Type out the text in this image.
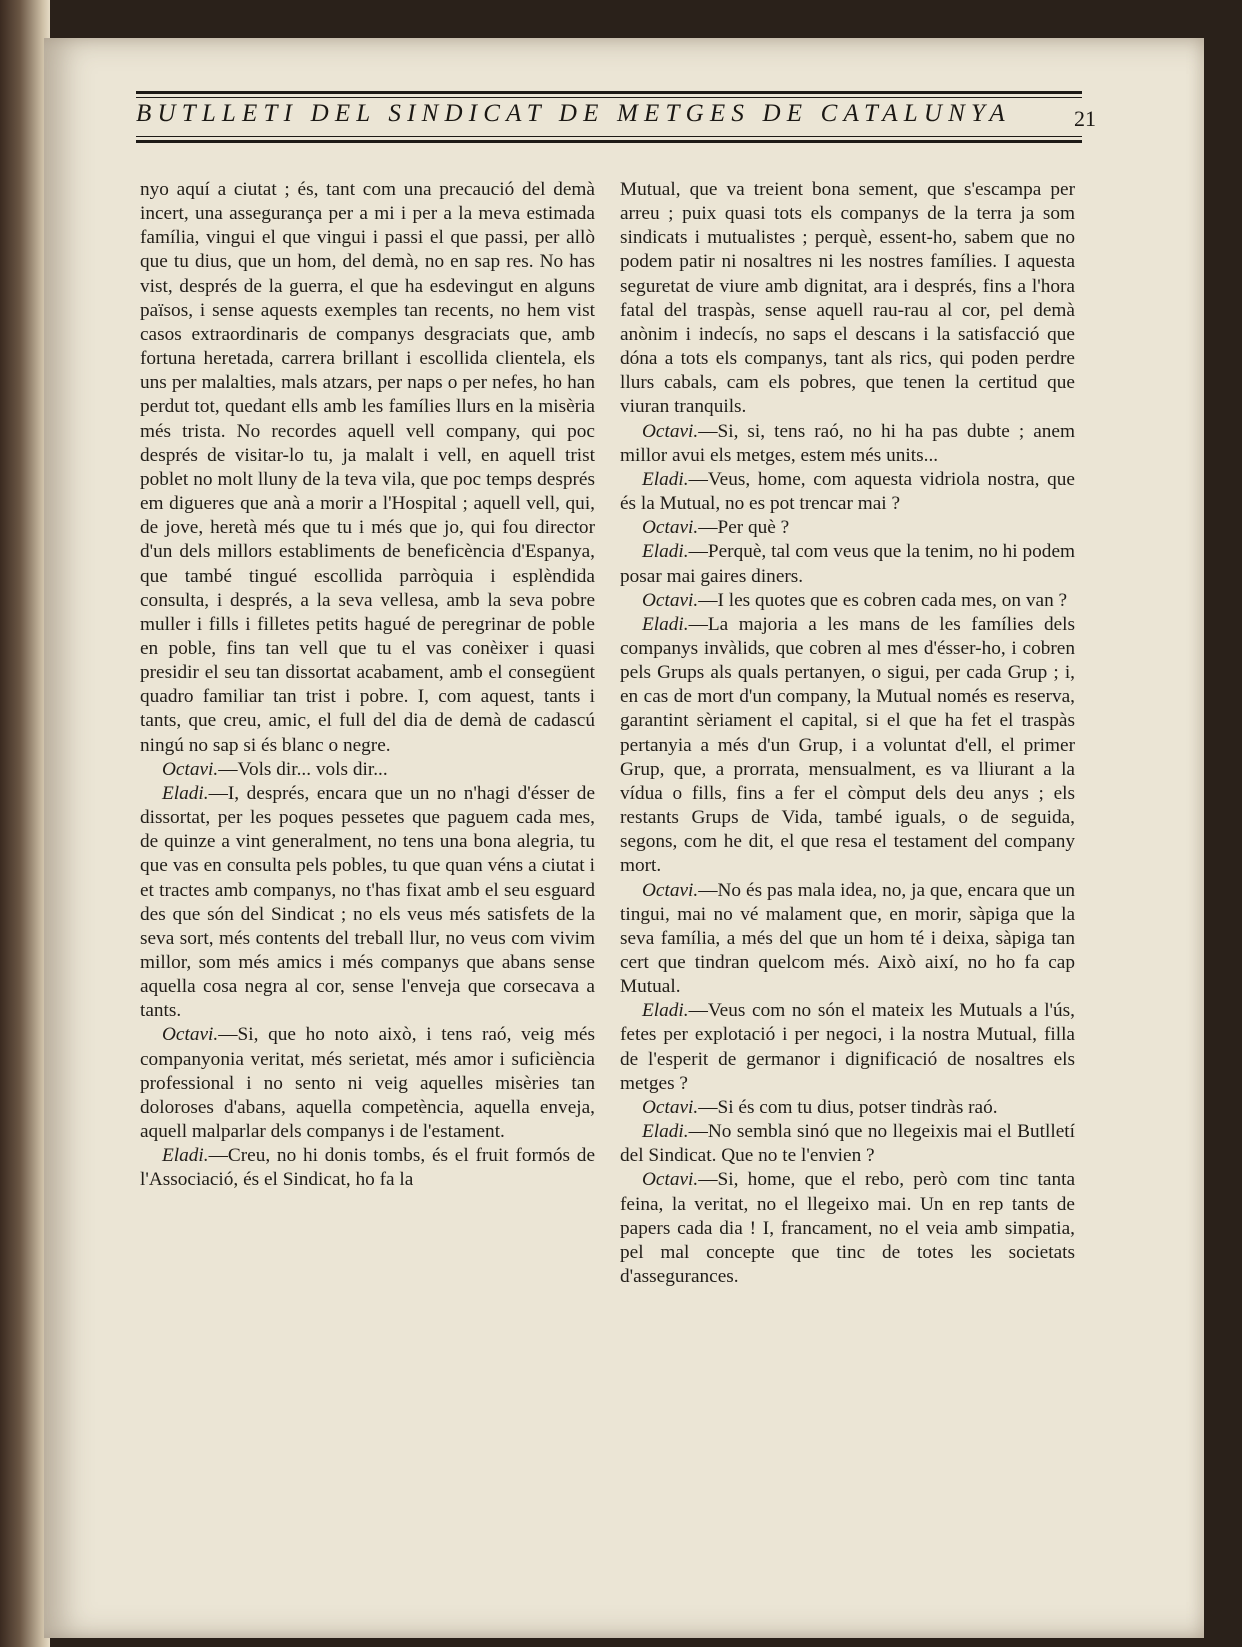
BUTLLETI DEL SINDICAT DE METGES DE CATALUNYA	21

nyo aquí a ciutat ; és, tant com una precaució del demà incert, una assegurança per a mi i per a la meva estimada família, vingui el que vingui i passi el que passi, per allò que tu dius, que un hom, del demà, no en sap res. No has vist, després de la guerra, el que ha esdevingut en alguns països, i sense aquests exemples tan recents, no hem vist casos extraordinaris de companys desgraciats que, amb fortuna heretada, carrera brillant i escollida clientela, els uns per malalties, mals atzars, per naps o per nefes, ho han perdut tot, quedant ells amb les famílies llurs en la misèria més trista. No recordes aquell vell company, qui poc després de visitar-lo tu, ja malalt i vell, en aquell trist poblet no molt lluny de la teva vila, que poc temps després em digueres que anà a morir a l'Hospital ; aquell vell, qui, de jove, heretà més que tu i més que jo, qui fou director d'un dels millors establiments de beneficència d'Espanya, que també tingué escollida parròquia i esplèndida consulta, i després, a la seva vellesa, amb la seva pobre muller i fills i filletes petits hagué de peregrinar de poble en poble, fins tan vell que tu el vas conèixer i quasi presidir el seu tan dissortat acabament, amb el consegüent quadro familiar tan trist i pobre. I, com aquest, tants i tants, que creu, amic, el full del dia de demà de cadascú ningú no sap si és blanc o negre.

Octavi.—Vols dir... vols dir...

Eladi.—I, després, encara que un no n'hagi d'ésser de dissortat, per les poques pessetes que paguem cada mes, de quinze a vint generalment, no tens una bona alegria, tu que vas en consulta pels pobles, tu que quan véns a ciutat i et tractes amb companys, no t'has fixat amb el seu esguard des que són del Sindicat ; no els veus més satisfets de la seva sort, més contents del treball llur, no veus com vivim millor, som més amics i més companys que abans sense aquella cosa negra al cor, sense l'enveja que corsecava a tants.

Octavi.—Si, que ho noto això, i tens raó, veig més companyonia veritat, més serietat, més amor i suficiència professional i no sento ni veig aquelles misèries tan doloroses d'abans, aquella competència, aquella enveja, aquell malparlar dels companys i de l'estament.

Eladi.—Creu, no hi donis tombs, és el fruit formós de l'Associació, és el Sindicat, ho fa la

Mutual, que va treient bona sement, que s'escampa per arreu ; puix quasi tots els companys de la terra ja som sindicats i mutualistes ; perquè, essent-ho, sabem que no podem patir ni nosaltres ni les nostres famílies. I aquesta seguretat de viure amb dignitat, ara i després, fins a l'hora fatal del traspàs, sense aquell rau-rau al cor, pel demà anònim i indecís, no saps el descans i la satisfacció que dóna a tots els companys, tant als rics, qui poden perdre llurs cabals, cam els pobres, que tenen la certitud que viuran tranquils.

Octavi.—Si, si, tens raó, no hi ha pas dubte ; anem millor avui els metges, estem més units...

Eladi.—Veus, home, com aquesta vidriola nostra, que és la Mutual, no es pot trencar mai ?

Octavi.—Per què ?

Eladi.—Perquè, tal com veus que la tenim, no hi podem posar mai gaires diners.

Octavi.—I les quotes que es cobren cada mes, on van ?

Eladi.—La majoria a les mans de les famílies dels companys invàlids, que cobren al mes d'ésser-ho, i cobren pels Grups als quals pertanyen, o sigui, per cada Grup ; i, en cas de mort d'un company, la Mutual només es reserva, garantint sèriament el capital, si el que ha fet el traspàs pertanyia a més d'un Grup, i a voluntat d'ell, el primer Grup, que, a prorrata, mensualment, es va lliurant a la vídua o fills, fins a fer el còmput dels deu anys ; els restants Grups de Vida, també iguals, o de seguida, segons, com he dit, el que resa el testament del company mort.

Octavi.—No és pas mala idea, no, ja que, encara que un tingui, mai no vé malament que, en morir, sàpiga que la seva família, a més del que un hom té i deixa, sàpiga tan cert que tindran quelcom més. Això així, no ho fa cap Mutual.

Eladi.—Veus com no són el mateix les Mutuals a l'ús, fetes per explotació i per negoci, i la nostra Mutual, filla de l'esperit de germanor i dignificació de nosaltres els metges ?

Octavi.—Si és com tu dius, potser tindràs raó.

Eladi.—No sembla sinó que no llegeixis mai el Butlletí del Sindicat. Que no te l'envien ?

Octavi.—Si, home, que el rebo, però com tinc tanta feina, la veritat, no el llegeixo mai. Un en rep tants de papers cada dia ! I, francament, no el veia amb simpatia, pel mal concepte que tinc de totes les societats d'assegurances.
